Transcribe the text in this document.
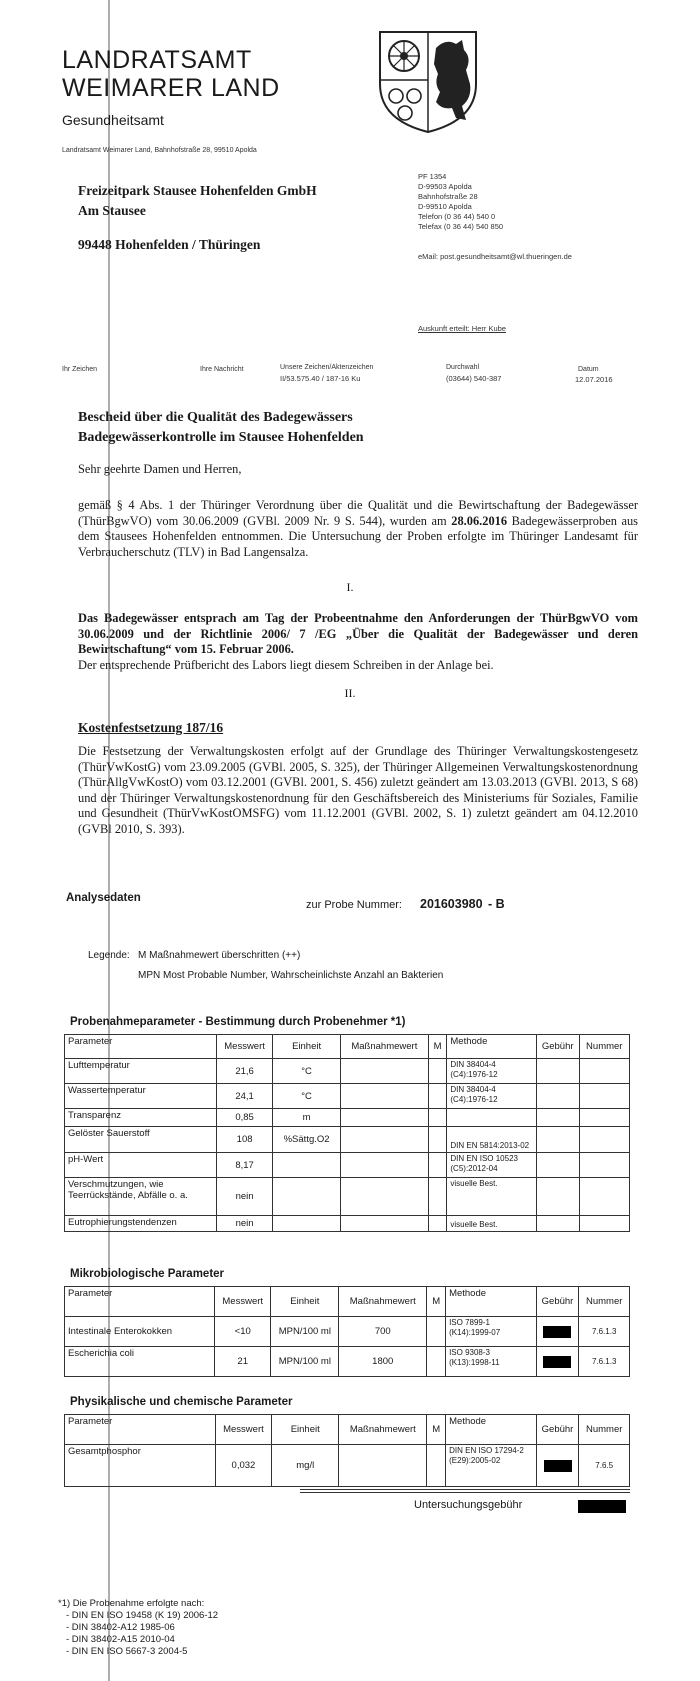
LANDRATSAMT
WEIMARER LAND
Gesundheitsamt
Landratsamt Weimarer Land, Bahnhofstraße 28, 99510 Apolda
Freizeitpark Stausee Hohenfelden GmbH
Am Stausee
99448 Hohenfelden / Thüringen
PF 1354
D-99503 Apolda
Bahnhofstraße 28
D-99510 Apolda
Telefon (0 36 44) 540 0
Telefax (0 36 44) 540 850
eMail: post.gesundheitsamt@wl.thueringen.de
Auskunft erteilt: Herr Kube
Ihr Zeichen	Ihre Nachricht	Unsere Zeichen/Aktenzeichen
II/53.575.40 / 187-16 Ku
Durchwahl
(03644) 540-387
Datum
12.07.2016
Bescheid über die Qualität des Badegewässers
Badegewässerkontrolle im Stausee Hohenfelden
Sehr geehrte Damen und Herren,
gemäß § 4 Abs. 1 der Thüringer Verordnung über die Qualität und die Bewirtschaftung der Badegewässer (ThürBgwVO) vom 30.06.2009 (GVBl. 2009 Nr. 9 S. 544), wurden am 28.06.2016 Badegewässerproben aus dem Stausees Hohenfelden entnommen. Die Untersuchung der Proben erfolgte im Thüringer Landesamt für Verbraucherschutz (TLV) in Bad Langensalza.
I.
Das Badegewässer entsprach am Tag der Probeentnahme den Anforderungen der ThürBgwVO vom 30.06.2009 und der Richtlinie 2006/ 7 /EG „Über die Qualität der Badegewässer und deren Bewirtschaftung“ vom 15. Februar 2006.
Der entsprechende Prüfbericht des Labors liegt diesem Schreiben in der Anlage bei.
II.
Kostenfestsetzung 187/16
Die Festsetzung der Verwaltungskosten erfolgt auf der Grundlage des Thüringer Verwaltungskostengesetz (ThürVwKostG) vom 23.09.2005 (GVBl. 2005, S. 325), der Thüringer Allgemeinen Verwaltungskostenordnung (ThürAllgVwKostO) vom 03.12.2001 (GVBl. 2001, S. 456) zuletzt geändert am 13.03.2013 (GVBl. 2013, S 68) und der Thüringer Verwaltungskostenordnung für den Geschäftsbereich des Ministeriums für Soziales, Familie und Gesundheit (ThürVwKostOMSFG) vom 11.12.2001 (GVBl. 2002, S. 1) zuletzt geändert am 04.12.2010 (GVBl 2010, S. 393).
Analysedaten
zur Probe Nummer: 201603980 - B
Legende: M Maßnahmewert überschritten (++)
MPN Most Probable Number, Wahrscheinlichste Anzahl an Bakterien
Probenahmeparameter - Bestimmung durch Probenehmer *1)
Parameter	Messwert	Einheit	Maßnahmewert	M	Methode	Gebühr	Nummer
Lufttemperatur	21,6	°C			DIN 38404-4 (C4):1976-12		
Wassertemperatur	24,1	°C			DIN 38404-4 (C4):1976-12		
Transparenz	0,85	m					
Gelöster Sauerstoff	108	%Sättg.O2			DIN EN 5814:2013-02		
pH-Wert	8,17				DIN EN ISO 10523 (C5):2012-04		
Verschmutzungen, wie Teerrückstände, Abfälle o. a.	nein				visuelle Best.		
Eutrophierungstendenzen	nein				visuelle Best.		
Mikrobiologische Parameter
Parameter	Messwert	Einheit	Maßnahmewert	M	Methode	Gebühr	Nummer
Intestinale Enterokokken	<10	MPN/100 ml	700		ISO 7899-1 (K14):1999-07		7.6.1.3
Escherichia coli	21	MPN/100 ml	1800		ISO 9308-3 (K13):1998-11		7.6.1.3
Physikalische und chemische Parameter
Parameter	Messwert	Einheit	Maßnahmewert	M	Methode	Gebühr	Nummer
Gesamtphosphor	0,032	mg/l			DIN EN ISO 17294-2 (E29):2005-02		7.6.5
Untersuchungsgebühr
*1) Die Probenahme erfolgte nach:
- DIN EN ISO 19458 (K 19) 2006-12
- DIN 38402-A12 1985-06
- DIN 38402-A15 2010-04
- DIN EN ISO 5667-3 2004-5
